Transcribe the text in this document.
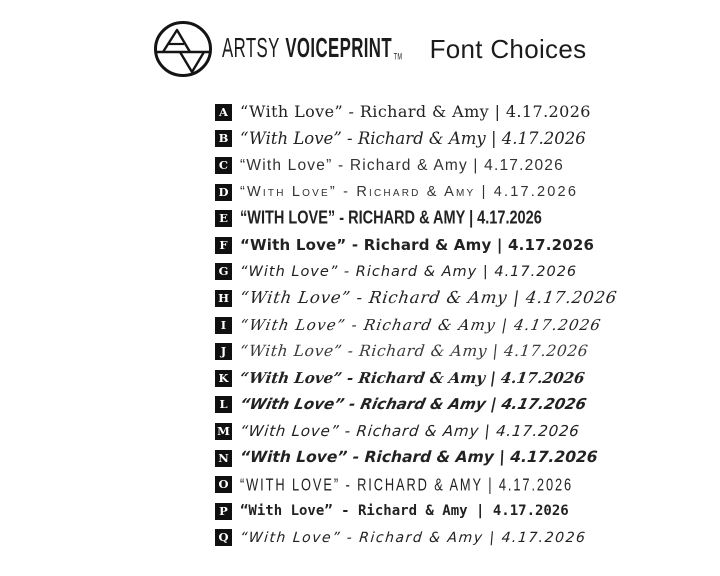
ARTSY VOICEPRINT TM Font Choices
A “With Love” - Richard & Amy | 4.17.2026
B “With Love” - Richard & Amy | 4.17.2026
C “With Love” - Richard & Amy | 4.17.2026
D “With Love” - Richard & Amy | 4.17.2026
E “WITH LOVE” - RICHARD & AMY | 4.17.2026
F “With Love” - Richard & Amy | 4.17.2026
G “With Love” - Richard & Amy | 4.17.2026
H “With Love” - Richard & Amy | 4.17.2026
I “With Love” - Richard & Amy | 4.17.2026
J “With Love” - Richard & Amy | 4.17.2026
K “With Love” - Richard & Amy | 4.17.2026
L “With Love” - Richard & Amy | 4.17.2026
M “With Love” - Richard & Amy | 4.17.2026
N “With Love” - Richard & Amy | 4.17.2026
O “WITH LOVE” - RICHARD & AMY | 4.17.2026
P “With Love” - Richard & Amy | 4.17.2026
Q “With Love” - Richard & Amy | 4.17.2026
